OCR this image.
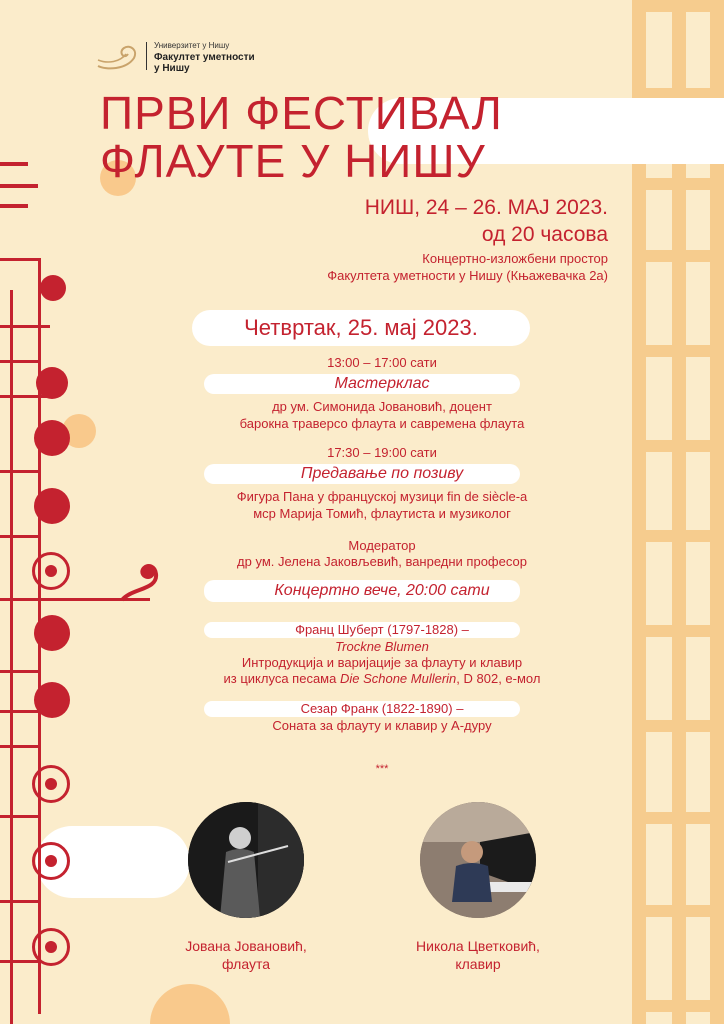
Универзитет у Нишу
Факултет уметности
у Нишу
ПРВИ ФЕСТИВАЛ
ФЛАУТЕ У НИШУ
НИШ, 24 – 26. МАЈ 2023.
од 20 часова
Концертно-изложбени простор
Факултета уметности у Нишу (Књажевачка 2а)
Четвртак, 25. мај 2023.
13:00 – 17:00 сати
Мастерклас
др ум. Симонида Јовановић, доцент
барокна траверсо флаута и савремена флаута
17:30 – 19:00 сати
Предавање по позиву
Фигура Пана у француској музици fin de siècle-а
мср Марија Томић, флаутиста и музиколог
Модератор
др ум. Јелена Јаковљевић, ванредни професор
Концертно вече, 20:00 сати
Франц Шуберт (1797-1828) –
Trockne Blumen
Интродукција и варијације за флауту и клавир
из циклуса песама Die Schone Mullerin, D 802, е-мол
Сезар Франк (1822-1890) –
Соната за флауту и клавир у А-дуру
***
Јована Јовановић,
флаута
Никола Цветковић,
клавир
